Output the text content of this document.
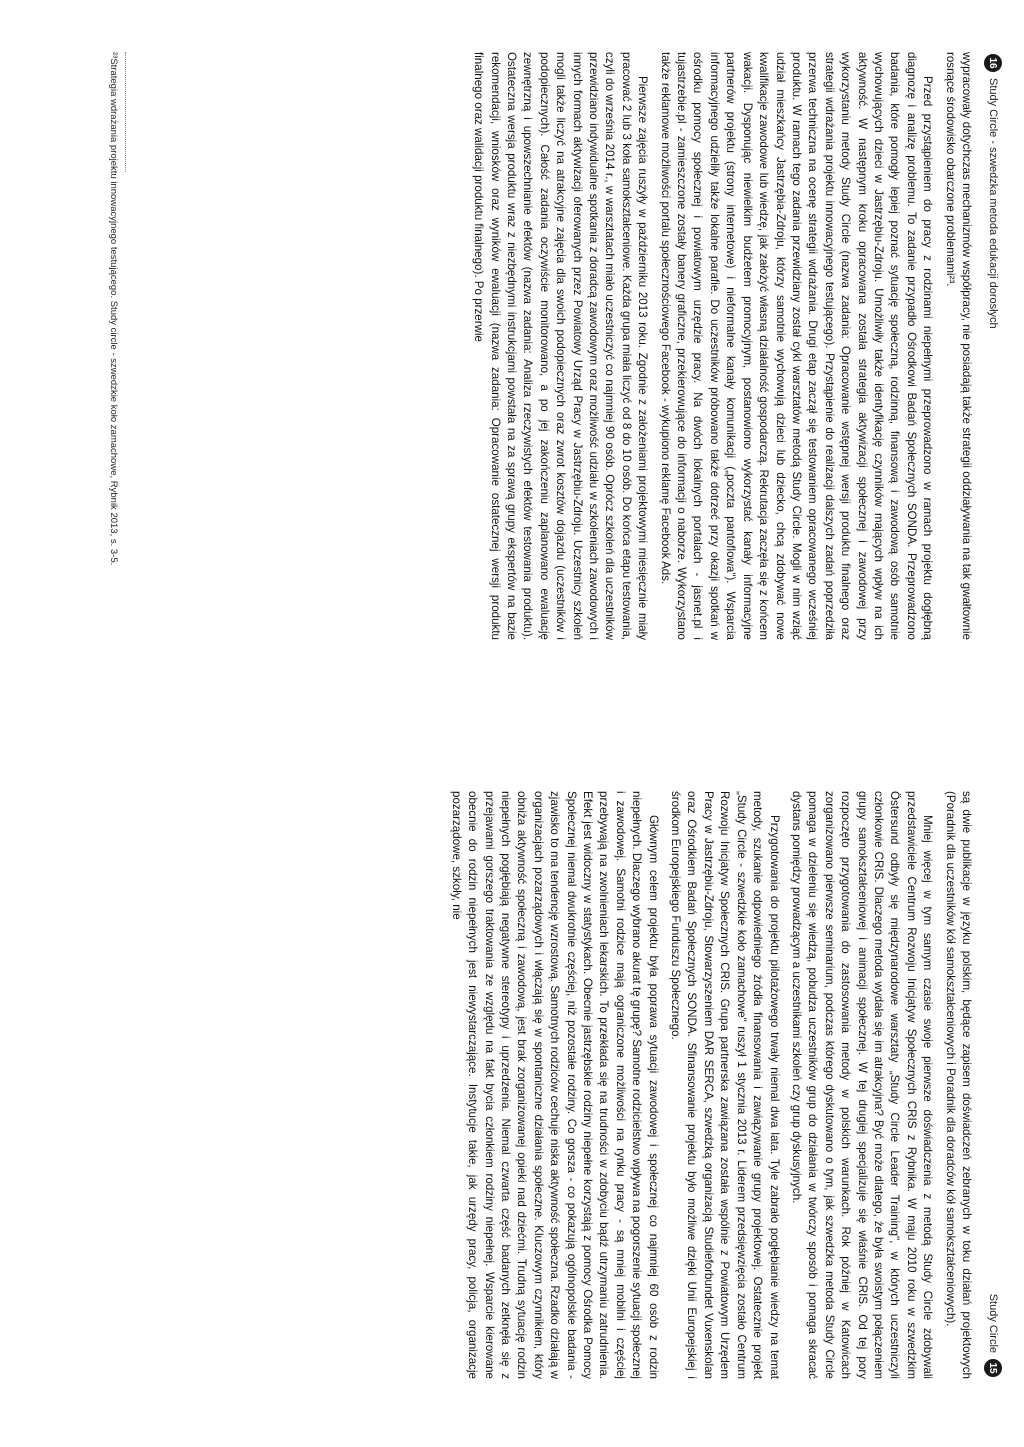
16
Study Circle - szwedzka metoda edukacji dorosłych

wypracowały dotychczas mechanizmów współpracy, nie posiadają także strategii oddziaływania na tak gwałtownie rosnące środowisko obarczone problemami²³.

Przed przystąpieniem do pracy z rodzinami niepełnymi przeprowadzono w ramach projektu dogłębną diagnozę i analizę problemu. To zadanie przypadło Ośrodkowi Badań Społecznych SONDA. Przeprowadzono badania, które pomogły lepiej poznać sytuację społeczną, rodzinną, finansową i zawodową osób samotnie wychowujących dzieci w Jastrzębiu-Zdroju. Umożliwiły także identyfikację czynników mających wpływ na ich aktywność. W następnym kroku opracowana została strategia aktywizacji społecznej i zawodowej przy wykorzystaniu metody Study Circle (nazwa zadania: Opracowanie wstępnej wersji produktu finalnego oraz strategii wdrażania projektu innowacyjnego testującego). Przystąpienie do realizacji dalszych zadań poprzedziła przerwa techniczna na ocenę strategii wdrażania. Drugi etap zaczął się testowaniem opracowanego wcześniej produktu. W ramach tego zadania przewidziany został cykl warsztatów metodą Study Circle. Mogli w nim wziąć udział mieszkańcy Jastrzębia-Zdroju, którzy samotnie wychowują dzieci lub dziecko, chcą zdobywać nowe kwalifikacje zawodowe lub wiedzę, jak założyć własną działalność gospodarczą. Rekrutacja zaczęła się z końcem wakacji. Dysponując niewielkim budżetem promocyjnym, postanowiono wykorzystać kanały informacyjne partnerów projektu (strony internetowe) i nieformalne kanały komunikacji („poczta pantoflowa"). Wsparcia informacyjnego udzieliły także lokalne parafie. Do uczestników próbowano także dotrzeć przy okazji spotkań w ośrodku pomocy społecznej i powiatowym urzędzie pracy. Na dwóch lokalnych portalach - jasnet.pl i tujastrzebie.pl - zamieszczone zostały banery graficzne, przekierowujące do informacji o naborze. Wykorzystano także reklamowe możliwości portalu społecznościowego Facebook - wykupiono reklamę Facebook Ads.

Pierwsze zajęcia ruszyły w październiku 2013 roku. Zgodnie z założeniami projektowymi miesięcznie miały pracować 2 lub 3 koła samokształceniowe. Każda grupa miała liczyć od 8 do 10 osób. Do końca etapu testowania, czyli do września 2014 r., w warsztatach miało uczestniczyć co najmniej 90 osób. Oprócz szkoleń dla uczestników przewidziano indywidualne spotkania z doradcą zawodowym oraz możliwość udziału w szkoleniach zawodowych i innych formach aktywizacji oferowanych przez Powiatowy Urząd Pracy w Jastrzębiu-Zdroju. Uczestnicy szkoleń mogli także liczyć na atrakcyjne zajęcia dla swoich podopiecznych oraz zwrot kosztów dojazdu (uczestników i podopiecznych). Całość zadania oczywiście monitorowano, a po jej zakończeniu zaplanowano ewaluację zewnętrzną i upowszechnianie efektów (nazwa zadania: Analiza rzeczywistych efektów testowania produktu). Ostateczna wersja produktu wraz z niezbędnymi instrukcjami powstała na za sprawą grupy ekspertów na bazie rekomendacji, wniosków oraz wyników ewaluacji (nazwa zadania: Opracowanie ostatecznej wersji produktu finalnego oraz walidacji produktu finalnego). Po przerwie

²³Strategia wdrażania projektu innowacyjnego testującego. Study circle - szwedzkie koło zamachowe, Rybnik 2013, s. 3-5.
Study Circle
15

są dwie publikacje w języku polskim, będące zapisem doświadczeń zebranych w toku działań projektowych (Poradnik dla uczestników kół samokształceniowych i Poradnik dla doradców kół samokształceniowych).

Mniej więcej w tym samym czasie swoje pierwsze doświadczenia z metodą Study Circle zdobywali przedstawiciele Centrum Rozwoju Inicjatyw Społecznych CRIS z Rybnika. W maju 2010 roku w szwedzkim Östersund odbyły się międzynarodowe warsztaty „Study Circle Leader Training", w których uczestniczyli członkowie CRIS. Dlaczego metoda wydała się im atrakcyjna? Być może dlatego, że była swoistym połączeniem grupy samokształceniowej i animacji społecznej. W tej drugiej specjalizuje się właśnie CRIS. Od tej pory rozpoczęto przygotowania do zastosowania metody w polskich warunkach. Rok później w Katowicach zorganizowano pierwsze seminarium, podczas którego dyskutowano o tym, jak szwedzka metoda Study Circle pomaga w dzieleniu się wiedzą, pobudza uczestników grup do działania w twórczy sposób i pomaga skracać dystans pomiędzy prowadzącym a uczestnikami szkoleń czy grup dyskusyjnych.

Przygotowania do projektu pilotażowego trwały niemal dwa lata. Tyle zabrało pogłębianie wiedzy na temat metody, szukanie odpowiedniego źródła finansowania i zawiązywanie grupy projektowej. Ostatecznie projekt „Study Circle - szwedzkie koło zamachowe" ruszył 1 stycznia 2013 r. Liderem przedsięwzięcia zostało Centrum Rozwoju Inicjatyw Społecznych CRIS. Grupa partnerska zawiązana została wspólnie z Powiatowym Urzędem Pracy w Jastrzębiu-Zdroju, Stowarzyszeniem DAR SERCA, szwedzką organizacją Studieforbundet Vuxenskolan oraz Ośrodkiem Badań Społecznych SONDA. Sfinansowanie projektu było możliwe dzięki Unii Europejskiej i środkom Europejskiego Funduszu Społecznego.

Głównym celem projektu była poprawa sytuacji zawodowej i społecznej co najmniej 60 osób z rodzin niepełnych. Dlaczego wybrano akurat tę grupę? Samotne rodzicielstwo wpływa na pogorszenie sytuacji społecznej i zawodowej. Samotni rodzice mają ograniczone możliwości na rynku pracy - są mniej mobilni i częściej przebywają na zwolnieniach lekarskich. To przekłada się na trudności w zdobyciu bądź utrzymaniu zatrudnienia. Efekt jest widoczny w statystykach. Obecnie jastrzębskie rodziny niepełne korzystają z pomocy Ośrodka Pomocy Społecznej niemal dwukrotnie częściej, niż pozostałe rodziny. Co gorsza - co pokazują ogólnopolskie badania - zjawisko to ma tendencję wzrostową. Samotnych rodziców cechuje niska aktywność społeczna. Rzadko działają w organizacjach pozarządowych i włączają się w spontaniczne działania społeczne. Kluczowym czynnikiem, który obniża aktywność społeczną i zawodową, jest brak zorganizowanej opieki nad dziećmi. Trudną sytuację rodzin niepełnych pogłębiają negatywne stereotypy i uprzedzenia. Niemal czwarta część badanych zetknęła się z przejawami gorszego traktowania ze względu na fakt bycia członkiem rodziny niepełnej. Wsparcie kierowane obecnie do rodzin niepełnych jest niewystarczające. Instytucje takie, jak urzędy pracy, policja, organizacje pozarządowe, szkoły, nie
